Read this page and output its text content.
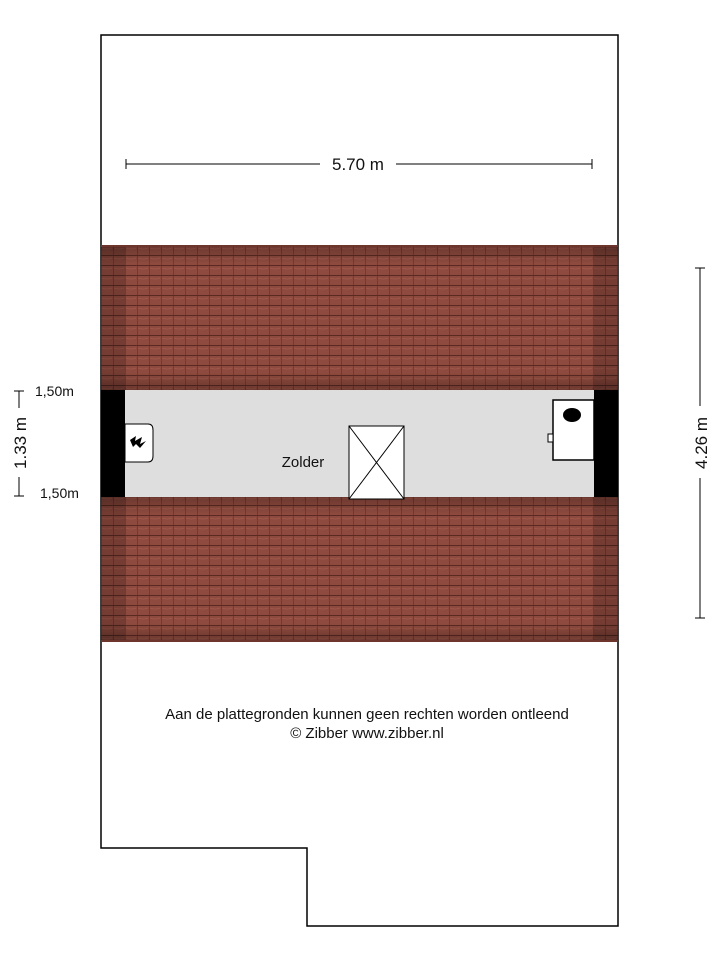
Zolder
5.70 m
4.26 m
1.33 m
1,50m
1,50m
Aan de plattegronden kunnen geen rechten worden ontleend
© Zibber www.zibber.nl
